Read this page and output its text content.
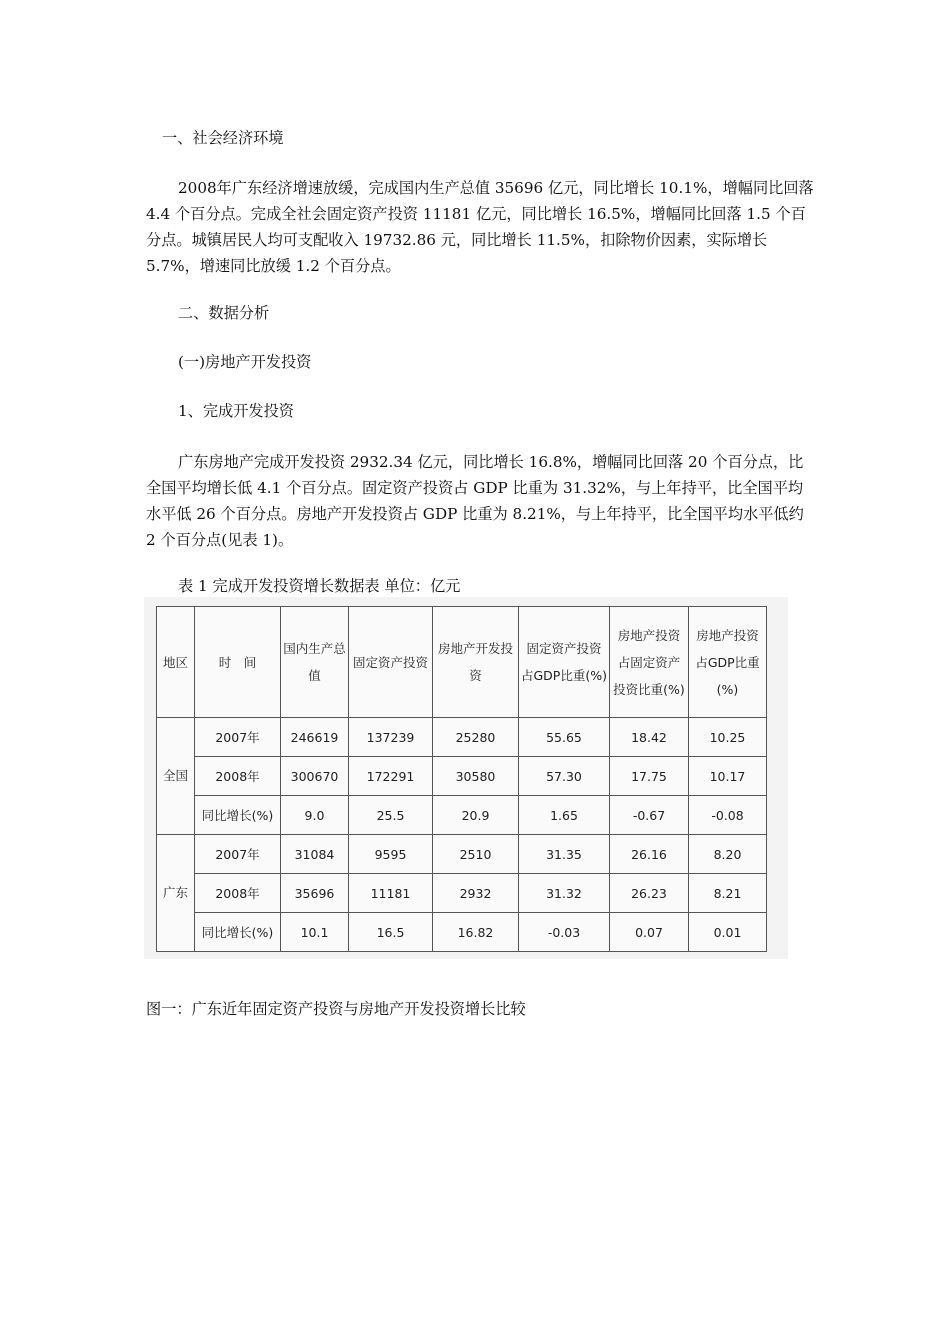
一、社会经济环境

2008年广东经济增速放缓，完成国内生产总值 35696 亿元，同比增长 10.1%，增幅同比回落 4.4 个百分点。完成全社会固定资产投资 11181 亿元，同比增长 16.5%，增幅同比回落 1.5 个百分点。城镇居民人均可支配收入 19732.86 元，同比增长 11.5%，扣除物价因素，实际增长 5.7%，增速同比放缓 1.2 个百分点。

二、数据分析
(一)房地产开发投资
1、完成开发投资

广东房地产完成开发投资 2932.34 亿元，同比增长 16.8%，增幅同比回落 20 个百分点，比全国平均增长低 4.1 个百分点。固定资产投资占 GDP 比重为 31.32%，与上年持平，比全国平均水平低 26 个百分点。房地产开发投资占 GDP 比重为 8.21%，与上年持平，比全国平均水平低约 2 个百分点(见表 1)。

表 1 完成开发投资增长数据表 单位：亿元
地区	时　间	国内生产总值	固定资产投资	房地产开发投资	固定资产投资占GDP比重(%)	房地产投资占固定资产投资比重(%)	房地产投资占GDP比重(%)
全国	2007年	246619	137239	25280	55.65	18.42	10.25
	2008年	300670	172291	30580	57.30	17.75	10.17
	同比增长(%)	9.0	25.5	20.9	1.65	-0.67	-0.08
广东	2007年	31084	9595	2510	31.35	26.16	8.20
	2008年	35696	11181	2932	31.32	26.23	8.21
	同比增长(%)	10.1	16.5	16.82	-0.03	0.07	0.01
图一：广东近年固定资产投资与房地产开发投资增长比较
